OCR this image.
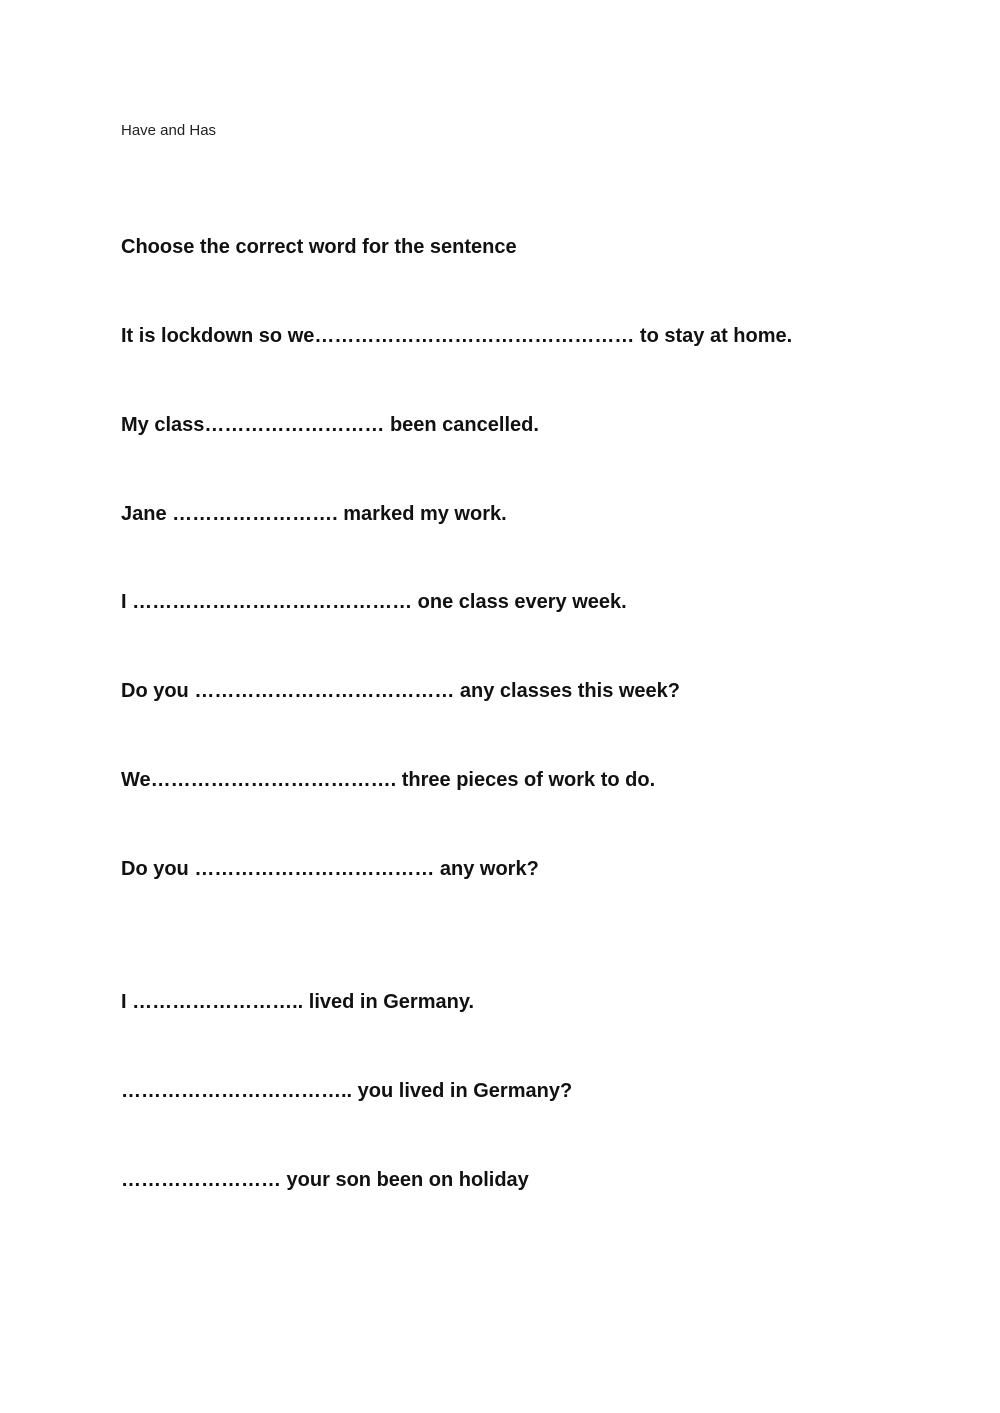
Have and Has
Choose the correct word for the sentence
It is lockdown so we………………………………………… to stay at home.
My class……………………… been cancelled.
Jane ……………………. marked my work.
I …………………………………… one class every week.
Do you ………………………………… any classes this week?
We………………………………. three pieces of work to do.
Do you ……………………………… any work?
I …………………….. lived in Germany.
…………………………….. you lived in Germany?
…………………… your son been on holiday
